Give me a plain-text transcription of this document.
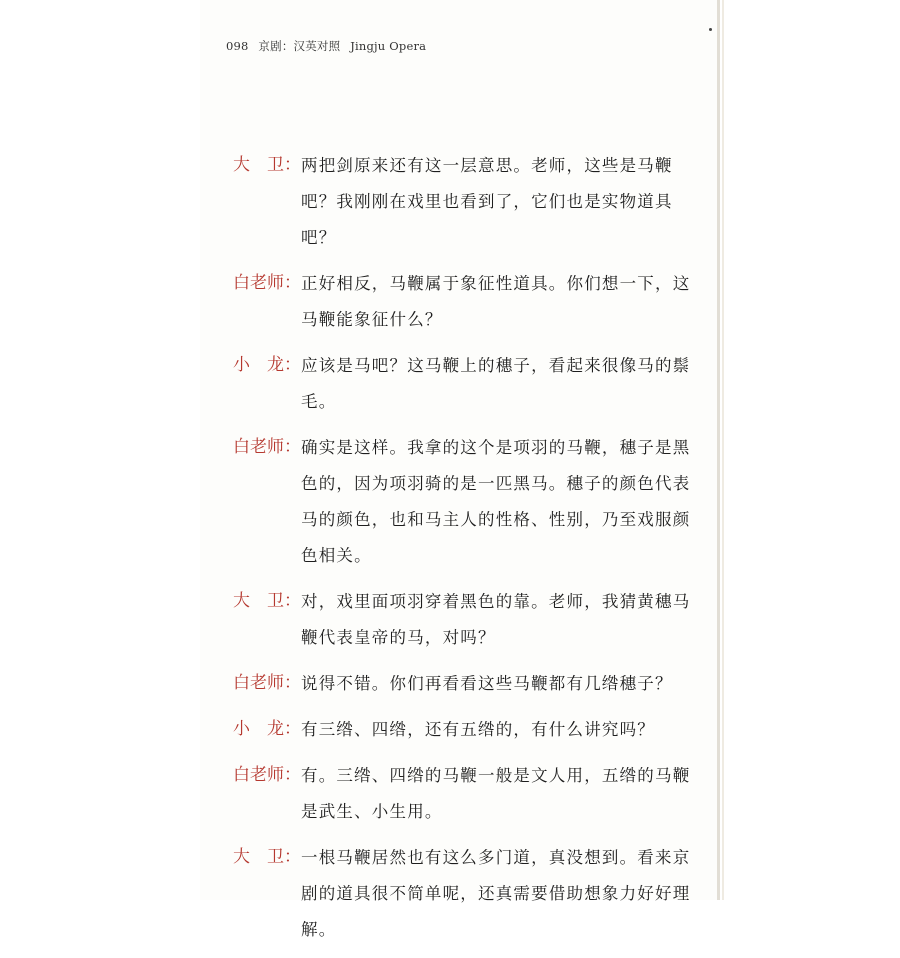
098 京剧：汉英对照 Jingju Opera
大　卫： 两把剑原来还有这一层意思。老师，这些是马鞭吧？我刚刚在戏里也看到了，它们也是实物道具吧？
白老师： 正好相反，马鞭属于象征性道具。你们想一下，这马鞭能象征什么？
小　龙： 应该是马吧？这马鞭上的穗子，看起来很像马的鬃毛。
白老师： 确实是这样。我拿的这个是项羽的马鞭，穗子是黑色的，因为项羽骑的是一匹黑马。穗子的颜色代表马的颜色，也和马主人的性格、性别，乃至戏服颜色相关。
大　卫： 对，戏里面项羽穿着黑色的靠。老师，我猜黄穗马鞭代表皇帝的马，对吗？
白老师： 说得不错。你们再看看这些马鞭都有几绺穗子？
小　龙： 有三绺、四绺，还有五绺的，有什么讲究吗？
白老师： 有。三绺、四绺的马鞭一般是文人用，五绺的马鞭是武生、小生用。
大　卫： 一根马鞭居然也有这么多门道，真没想到。看来京剧的道具很不简单呢，还真需要借助想象力好好理解。
